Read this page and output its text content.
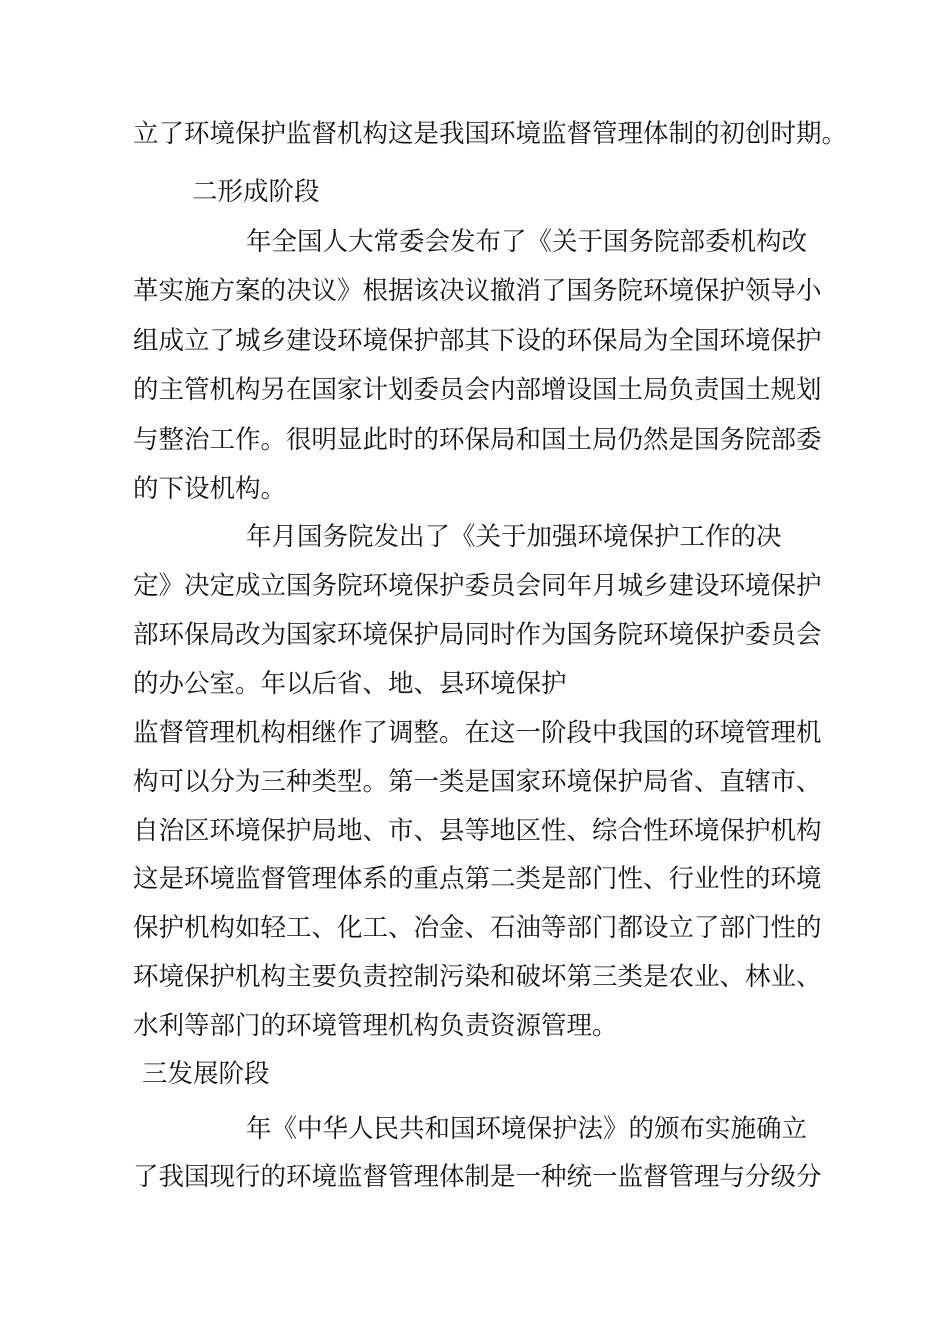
立了环境保护监督机构这是我国环境监督管理体制的初创时期。
二形成阶段
年全国人大常委会发布了《关于国务院部委机构改
革实施方案的决议》根据该决议撤消了国务院环境保护领导小
组成立了城乡建设环境保护部其下设的环保局为全国环境保护
的主管机构另在国家计划委员会内部增设国土局负责国土规划
与整治工作。很明显此时的环保局和国土局仍然是国务院部委
的下设机构。
年月国务院发出了《关于加强环境保护工作的决
定》决定成立国务院环境保护委员会同年月城乡建设环境保护
部环保局改为国家环境保护局同时作为国务院环境保护委员会
的办公室。年以后省、地、县环境保护
监督管理机构相继作了调整。在这一阶段中我国的环境管理机
构可以分为三种类型。第一类是国家环境保护局省、直辖市、
自治区环境保护局地、市、县等地区性、综合性环境保护机构
这是环境监督管理体系的重点第二类是部门性、行业性的环境
保护机构如轻工、化工、冶金、石油等部门都设立了部门性的
环境保护机构主要负责控制污染和破坏第三类是农业、林业、
水利等部门的环境管理机构负责资源管理。
三发展阶段
年《中华人民共和国环境保护法》的颁布实施确立
了我国现行的环境监督管理体制是一种统一监督管理与分级分
